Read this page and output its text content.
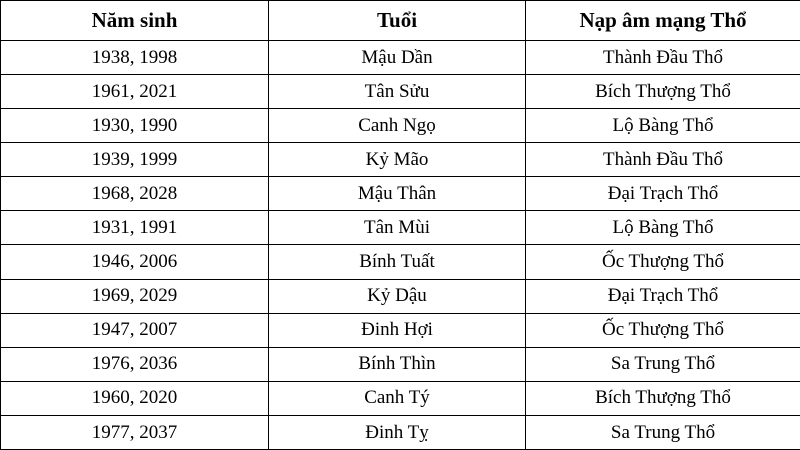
Năm sinh	Tuổi	Nạp âm mạng Thổ
1938, 1998	Mậu Dần	Thành Đầu Thổ
1961, 2021	Tân Sửu	Bích Thượng Thổ
1930, 1990	Canh Ngọ	Lộ Bàng Thổ
1939, 1999	Kỷ Mão	Thành Đầu Thổ
1968, 2028	Mậu Thân	Đại Trạch Thổ
1931, 1991	Tân Mùi	Lộ Bàng Thổ
1946, 2006	Bính Tuất	Ốc Thượng Thổ
1969, 2029	Kỷ Dậu	Đại Trạch Thổ
1947, 2007	Đinh Hợi	Ốc Thượng Thổ
1976, 2036	Bính Thìn	Sa Trung Thổ
1960, 2020	Canh Tý	Bích Thượng Thổ
1977, 2037	Đinh Tỵ	Sa Trung Thổ
